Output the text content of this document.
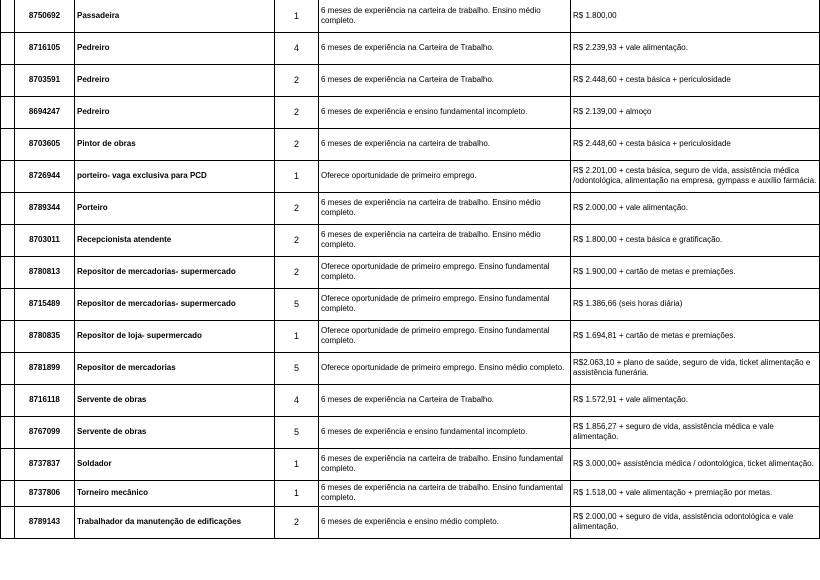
	8750692	Passadeira	1	6 meses de experiência na carteira de trabalho. Ensino médio completo.	R$ 1.800,00
	8716105	Pedreiro	4	6 meses de experiência na Carteira de Trabalho.	R$ 2.239,93 + vale alimentação.
	8703591	Pedreiro	2	6 meses de experiência na Carteira de Trabalho.	R$ 2.448,60 + cesta básica + periculosidade
	8694247	Pedreiro	2	6 meses de experiência e ensino fundamental incompleto.	R$ 2.139,00 + almoço
	8703605	Pintor de obras	2	6 meses de experiência na carteira de trabalho.	R$ 2.448,60 + cesta básica + periculosidade
	8726944	porteiro- vaga exclusiva para PCD	1	Oferece oportunidade de primeiro emprego.	R$ 2.201,00 + cesta básica, seguro de vida, assistência médica /odontológica, alimentação na empresa, gympass e auxílio farmácia.
	8789344	Porteiro	2	6 meses de experiência na carteira de trabalho. Ensino médio completo.	R$ 2.000,00 + vale alimentação.
	8703011	Recepcionista atendente	2	6 meses de experiência na carteira de trabalho. Ensino médio completo.	R$ 1.800,00 + cesta básica e gratificação.
	8780813	Repositor de mercadorias- supermercado	2	Oferece oportunidade de primeiro emprego. Ensino fundamental completo.	R$ 1.900,00 + cartão de metas e premiações.
	8715489	Repositor de mercadorias- supermercado	5	Oferece oportunidade de primeiro emprego. Ensino fundamental completo.	R$ 1.386,66 (seis horas diária)
	8780835	Repositor de loja- supermercado	1	Oferece oportunidade de primeiro emprego. Ensino fundamental completo.	R$ 1.694,81 + cartão de metas e premiações.
	8781899	Repositor de mercadorias	5	Oferece oportunidade de primeiro emprego. Ensino médio completo.	R$2.063,10 + plano de saúde, seguro de vida, ticket alimentação e assistência funerária.
	8716118	Servente de obras	4	6 meses de experiência na Carteira de Trabalho.	R$ 1.572,91 + vale alimentação.
	8767099	Servente de obras	5	6 meses de experiência e ensino fundamental incompleto.	R$ 1.856,27 + seguro de vida, assistência médica e vale alimentação.
	8737837	Soldador	1	6 meses de experiência na carteira de trabalho. Ensino fundamental completo.	R$ 3.000,00+ assistência médica / odontológica, ticket alimentação.
	8737806	Torneiro mecânico	1	6 meses de experiência na carteira de trabalho. Ensino fundamental completo.	R$ 1.518,00 + vale alimentação + premiação por metas.
	8789143	Trabalhador da manutenção de edificações	2	6 meses de experiência e ensino médio completo.	R$ 2.000,00 + seguro de vida, assistência odontológica e vale alimentação.
